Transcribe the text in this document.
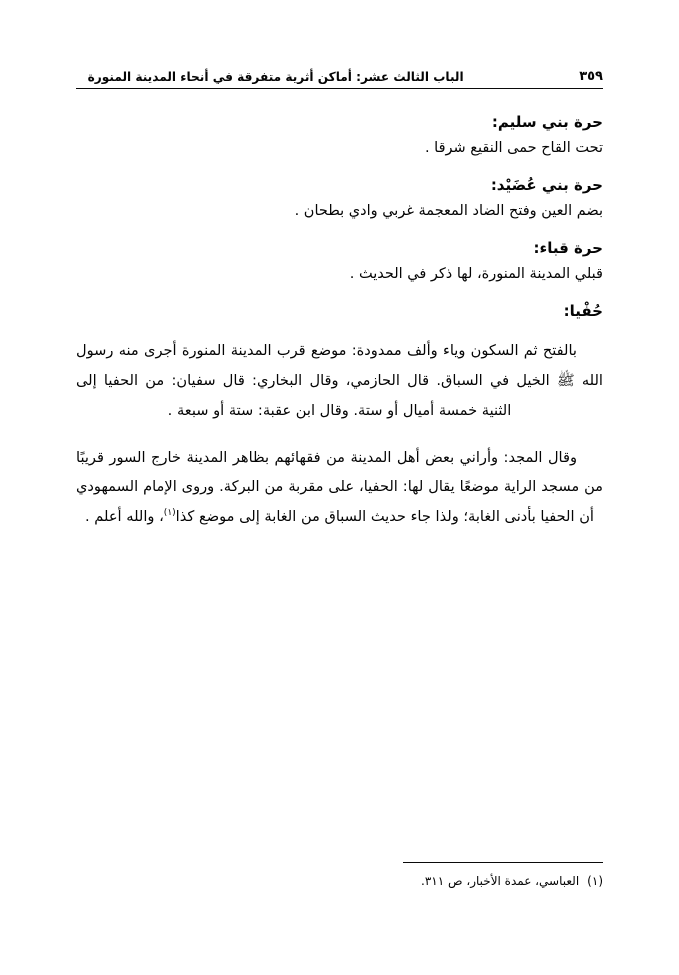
٣٥٩
الباب الثالث عشر: أماكن أثرية متفرقة في أنحاء المدينة المنورة

حرة بني سليم:

تحت القاح حمى النقيع شرقا .

حرة بني عُضَيْد:

بضم العين وفتح الضاد المعجمة غربي وادي بطحان .

حرة قباء:

قبلي المدينة المنورة، لها ذكر في الحديث .

حُفْيا:

بالفتح ثم السكون وياء وألف ممدودة: موضع قرب المدينة المنورة أجرى منه رسول الله ﷺ الخيل في السباق. قال الحازمي، وقال البخاري: قال سفيان: من الحفيا إلى الثنية خمسة أميال أو ستة. وقال ابن عقبة: ستة أو سبعة .

وقال المجد: وأراني بعض أهل المدينة من فقهائهم بظاهر المدينة خارج السور قريبًا من مسجد الراية موضعًا يقال لها: الحفيا، على مقربة من البركة. وروى الإمام السمهودي أن الحفيا بأدنى الغابة؛ ولذا جاء حديث السباق من الغابة إلى موضع كذا$^{(١)}$، والله أعلم .

(١)العباسي، عمدة الأخبار، ص ٣١١.
